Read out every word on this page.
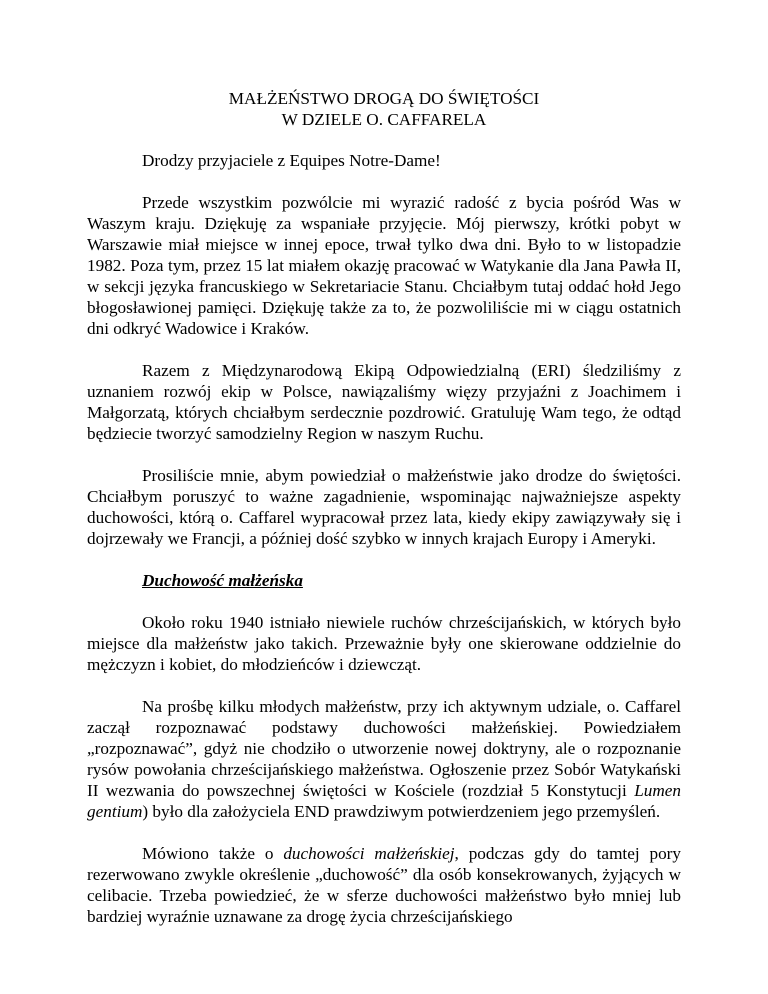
MAŁŻEŃSTWO DROGĄ DO ŚWIĘTOŚCI
W DZIELE O. CAFFARELA

Drodzy przyjaciele z Equipes Notre-Dame!

Przede wszystkim pozwólcie mi wyrazić radość z bycia pośród Was w Waszym kraju. Dziękuję za wspaniałe przyjęcie. Mój pierwszy, krótki pobyt w Warszawie miał miejsce w innej epoce, trwał tylko dwa dni. Było to w listopadzie 1982. Poza tym, przez 15 lat miałem okazję pracować w Watykanie dla Jana Pawła II, w sekcji języka francuskiego w Sekretariacie Stanu. Chciałbym tutaj oddać hołd Jego błogosławionej pamięci. Dziękuję także za to, że pozwoliliście mi w ciągu ostatnich dni odkryć Wadowice i Kraków.

Razem z Międzynarodową Ekipą Odpowiedzialną (ERI) śledziliśmy z uznaniem rozwój ekip w Polsce, nawiązaliśmy więzy przyjaźni z Joachimem i Małgorzatą, których chciałbym serdecznie pozdrowić. Gratuluję Wam tego, że odtąd będziecie tworzyć samodzielny Region w naszym Ruchu.

Prosiliście mnie, abym powiedział o małżeństwie jako drodze do świętości. Chciałbym poruszyć to ważne zagadnienie, wspominając najważniejsze aspekty duchowości, którą o. Caffarel wypracował przez lata, kiedy ekipy zawiązywały się i dojrzewały we Francji, a później dość szybko w innych krajach Europy i Ameryki.

Duchowość małżeńska

Około roku 1940 istniało niewiele ruchów chrześcijańskich, w których było miejsce dla małżeństw jako takich. Przeważnie były one skierowane oddzielnie do mężczyzn i kobiet, do młodzieńców i dziewcząt.

Na prośbę kilku młodych małżeństw, przy ich aktywnym udziale, o. Caffarel zaczął rozpoznawać podstawy duchowości małżeńskiej. Powiedziałem „rozpoznawać”, gdyż nie chodziło o utworzenie nowej doktryny, ale o rozpoznanie rysów powołania chrześcijańskiego małżeństwa. Ogłoszenie przez Sobór Watykański II wezwania do powszechnej świętości w Kościele (rozdział 5 Konstytucji Lumen gentium) było dla założyciela END prawdziwym potwierdzeniem jego przemyśleń.

Mówiono także o duchowości małżeńskiej, podczas gdy do tamtej pory rezerwowano zwykle określenie „duchowość” dla osób konsekrowanych, żyjących w celibacie. Trzeba powiedzieć, że w sferze duchowości małżeństwo było mniej lub bardziej wyraźnie uznawane za drogę życia chrześcijańskiego
